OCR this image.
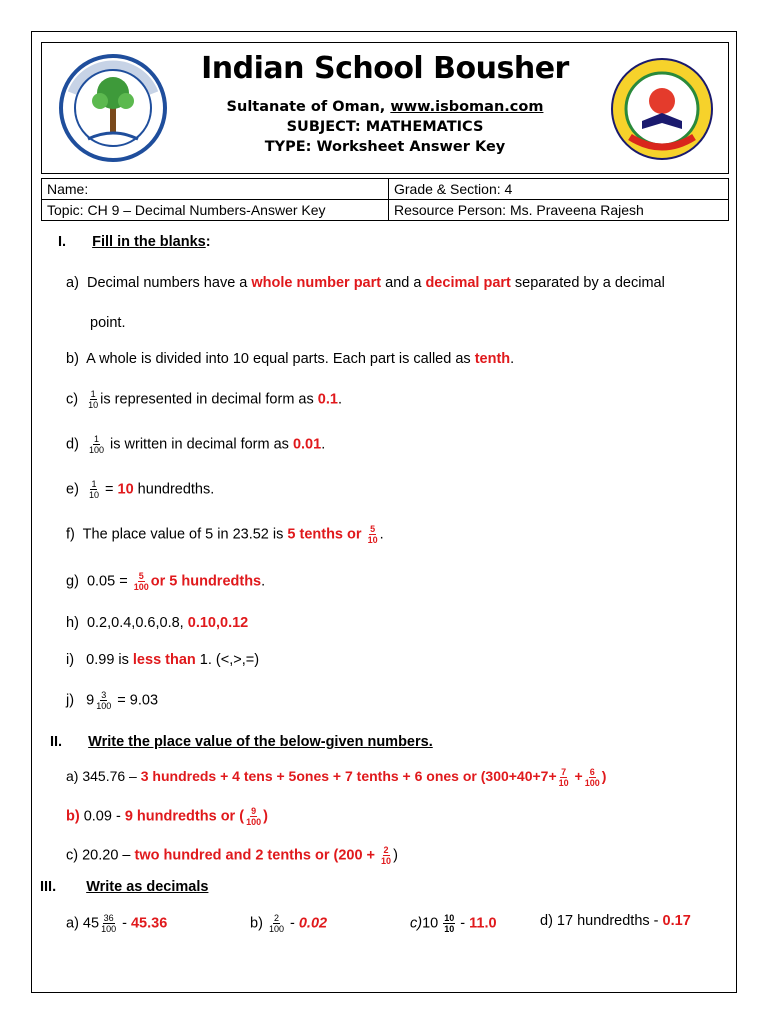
Indian School Bousher
Sultanate of Oman, www.isboman.com
SUBJECT: MATHEMATICS
TYPE: Worksheet Answer Key
Name:	Grade & Section: 4
Topic: CH 9 – Decimal Numbers-Answer Key	Resource Person: Ms. Praveena Rajesh
I. Fill in the blanks:
a) Decimal numbers have a whole number part and a decimal part separated by a decimal
point.
b) A whole is divided into 10 equal parts. Each part is called as tenth.
$c) \frac{1}{10}$ is represented in decimal form as 0.1.
$d) \frac{1}{100}$ is written in decimal form as 0.01.
$e) \frac{1}{10} = 10$ hundredths.
f) The place value of 5 in 23.52 is 5 tenths or $\frac{5}{10}$ .
g) $0.05 = \frac{5}{100}$ or 5 hundredths.
h) 0.2,0.4,0.6,0.8, 0.10,0.12
i) 0.99 is less than 1. (<,>,=)
j) $9 \frac{3}{100} = 9.03$
II. Write the place value of the below-given numbers.
a) 345.76 – 3 hundreds + 4 tens + 5ones + 7 tenths + 6 ones or ($300+40+7+ \frac{7}{10} + \frac{6}{100}$ )
b) 0.09 - 9 hundredths or ( $\frac{9}{100}$ )
c) 20.20 – two hundred and 2 tenths or ($200 + \frac{2}{10}$ )
III. Write as decimals
a) $45 \frac{36}{100} - 45.36$	$b) \frac{2}{100} - 0.02$	$c)10 \frac{10}{10} - 11.0$	d) 17 hundredths - 0.17
